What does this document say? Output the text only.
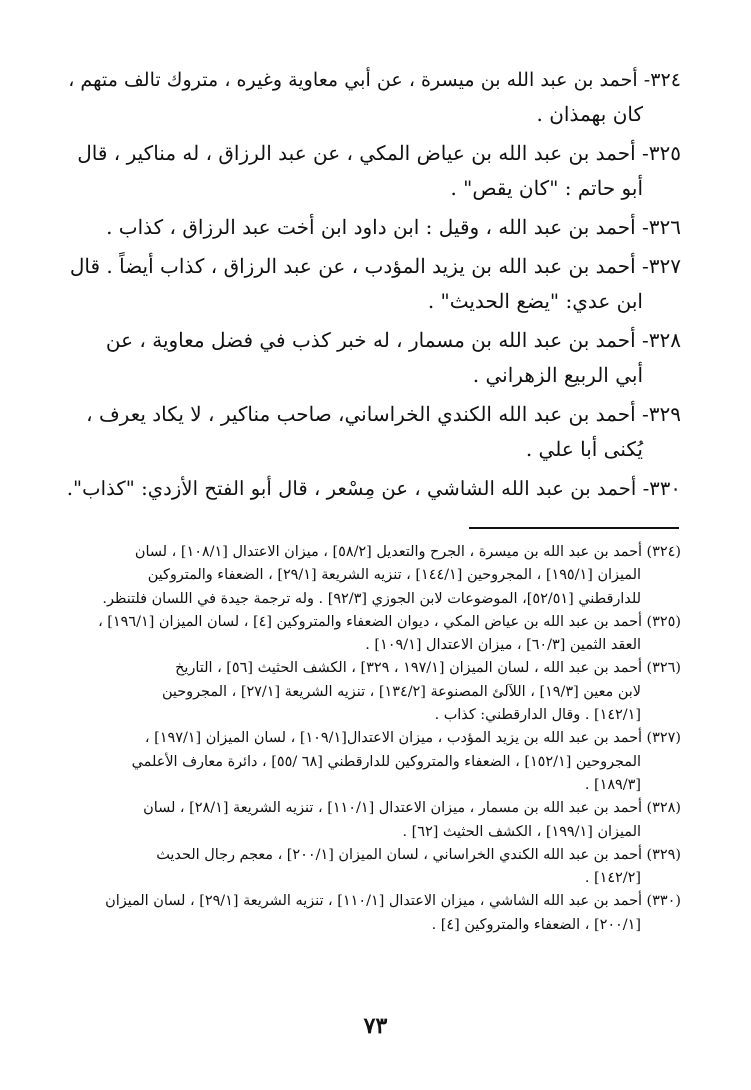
٣٢٤- أحمد بن عبد الله بن ميسرة ، عن أبي معاوية وغيره ، متروك تالف متهم ،
كان بهمذان .
٣٢٥- أحمد بن عبد الله بن عياض المكي ، عن عبد الرزاق ، له مناكير ، قال
أبو حاتم : "كان يقص" .
٣٢٦- أحمد بن عبد الله ، وقيل : ابن داود ابن أخت عبد الرزاق ، كذاب .
٣٢٧- أحمد بن عبد الله بن يزيد المؤدب ، عن عبد الرزاق ، كذاب أيضاً . قال
ابن عدي: "يضع الحديث" .
٣٢٨- أحمد بن عبد الله بن مسمار ، له خبر كذب في فضل معاوية ، عن
أبي الربيع الزهراني .
٣٢٩- أحمد بن عبد الله الكندي الخراساني، صاحب مناكير ، لا يكاد يعرف ،
يُكنى أبا علي .
٣٣٠- أحمد بن عبد الله الشاشي ، عن مِسْعر ، قال أبو الفتح الأزدي: "كذاب".
(٣٢٤) أحمد بن عبد الله بن ميسرة ، الجرح والتعديل [٥٨/٢] ، ميزان الاعتدال [١٠٨/١] ، لسان
الميزان [١٩٥/١] ، المجروحين [١٤٤/١] ، تنزيه الشريعة [٢٩/١] ، الضعفاء والمتروكين
للدارقطني [٥٢/٥١]، الموضوعات لابن الجوزي [٩٢/٣] . وله ترجمة جيدة في اللسان فلتنظر.
(٣٢٥) أحمد بن عبد الله بن عياض المكي ، ديوان الضعفاء والمتروكين [٤] ، لسان الميزان [١٩٦/١] ،
العقد الثمين [٦٠/٣] ، ميزان الاعتدال [١٠٩/١] .
(٣٢٦) أحمد بن عبد الله ، لسان الميزان [١٩٧/١ ، ٣٢٩] ، الكشف الحثيث [٥٦] ، التاريخ
لابن معين [١٩/٣] ، اللآلئ المصنوعة [١٣٤/٢] ، تنزيه الشريعة [٢٧/١] ، المجروحين
[١٤٢/١] . وقال الدارقطني: كذاب .
(٣٢٧) أحمد بن عبد الله بن يزيد المؤدب ، ميزان الاعتدال[١٠٩/١] ، لسان الميزان [١٩٧/١] ،
المجروحين [١٥٢/١] ، الضعفاء والمتروكين للدارقطني [٦٨ /٥٥] ، دائرة معارف الأعلمي
[١٨٩/٣] .
(٣٢٨) أحمد بن عبد الله بن مسمار ، ميزان الاعتدال [١١٠/١] ، تنزيه الشريعة [٢٨/١] ، لسان
الميزان [١٩٩/١] ، الكشف الحثيث [٦٢] .
(٣٢٩) أحمد بن عبد الله الكندي الخراساني ، لسان الميزان [٢٠٠/١] ، معجم رجال الحديث
[١٤٢/٢] .
(٣٣٠) أحمد بن عبد الله الشاشي ، ميزان الاعتدال [١١٠/١] ، تنزيه الشريعة [٢٩/١] ، لسان الميزان
[٢٠٠/١] ، الضعفاء والمتروكين [٤] .
٧٣
